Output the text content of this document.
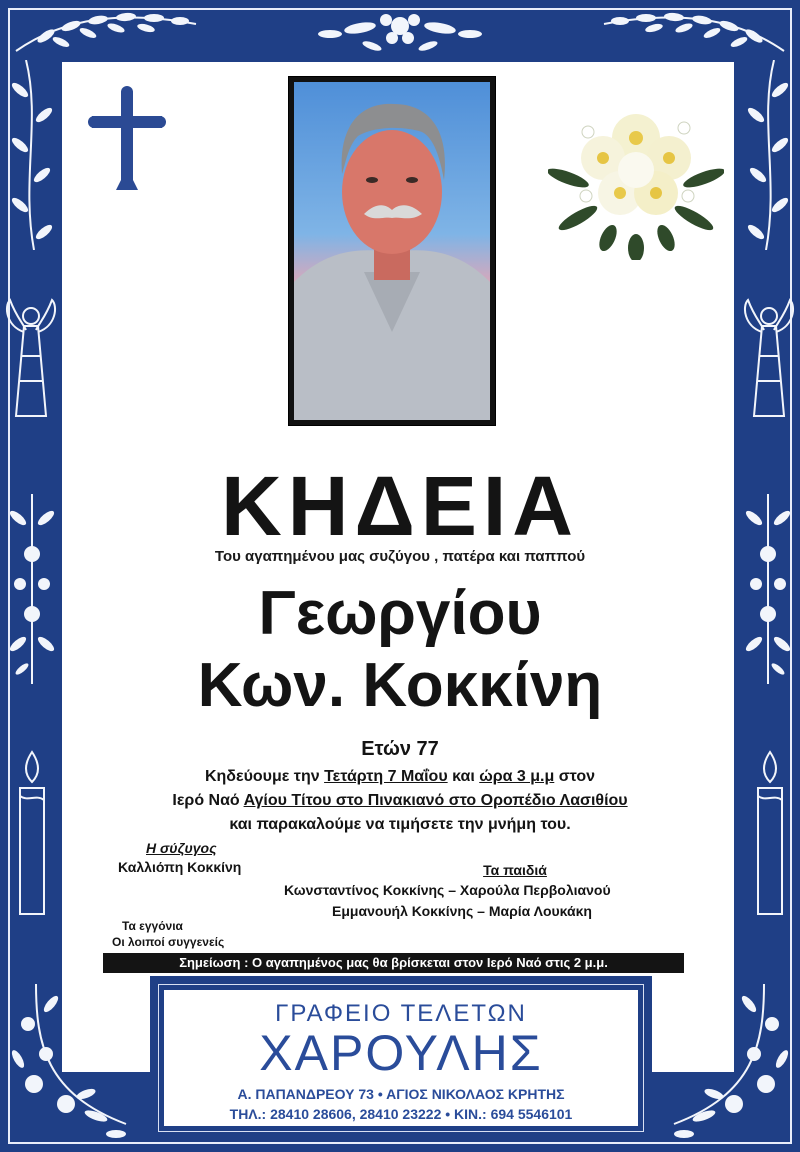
ΚΗΔΕΙΑ
Του αγαπημένου μας συζύγου , πατέρα και παππού
Γεωργίου
Κων. Κοκκίνη
Ετών 77
Κηδεύουμε την Τετάρτη 7 Μαΐου και ώρα 3 μ.μ στον
Ιερό Ναό Αγίου Τίτου στο Πινακιανό στο Οροπέδιο Λασιθίου
και παρακαλούμε να τιμήσετε την μνήμη του.
Η σύζυγος
Καλλιόπη Κοκκίνη	Τα παιδιά
Κωνσταντίνος Κοκκίνης – Χαρούλα Περβολιανού
Εμμανουήλ Κοκκίνης – Μαρία Λουκάκη
Τα εγγόνια
Οι λοιποί συγγενείς
Σημείωση : Ο αγαπημένος μας θα βρίσκεται στον Ιερό Ναό στις 2 μ.μ.
ΓΡΑΦΕΙΟ ΤΕΛΕΤΩΝ
ΧΑΡΟΥΛΗΣ
Α. ΠΑΠΑΝΔΡΕΟΥ 73 • ΑΓΙΟΣ ΝΙΚΟΛΑΟΣ ΚΡΗΤΗΣ
ΤΗΛ.: 28410 28606, 28410 23222 • ΚΙΝ.: 694 5546101
